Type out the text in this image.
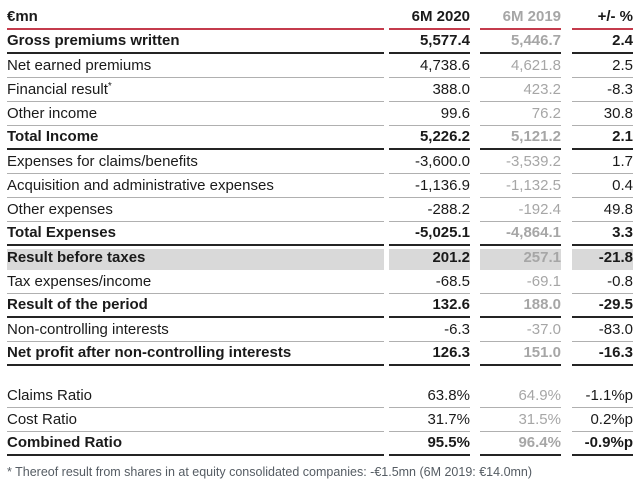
€mn	6M 2020	6M 2019	+/- %
Gross premiums written	5,577.4	5,446.7	2.4
Net earned premiums	4,738.6	4,621.8	2.5
Financial result*	388.0	423.2	-8.3
Other income	99.6	76.2	30.8
Total Income	5,226.2	5,121.2	2.1
Expenses for claims/benefits	-3,600.0	-3,539.2	1.7
Acquisition and administrative expenses	-1,136.9	-1,132.5	0.4
Other expenses	-288.2	-192.4	49.8
Total Expenses	-5,025.1	-4,864.1	3.3
Result before taxes	201.2	257.1	-21.8
Tax expenses/income	-68.5	-69.1	-0.8
Result of the period	132.6	188.0	-29.5
Non-controlling interests	-6.3	-37.0	-83.0
Net profit after non-controlling interests	126.3	151.0	-16.3
Claims Ratio	63.8%	64.9%	-1.1%p
Cost Ratio	31.7%	31.5%	0.2%p
Combined Ratio	95.5%	96.4%	-0.9%p
* Thereof result from shares in at equity consolidated companies: -€1.5mn (6M 2019: €14.0mn)
